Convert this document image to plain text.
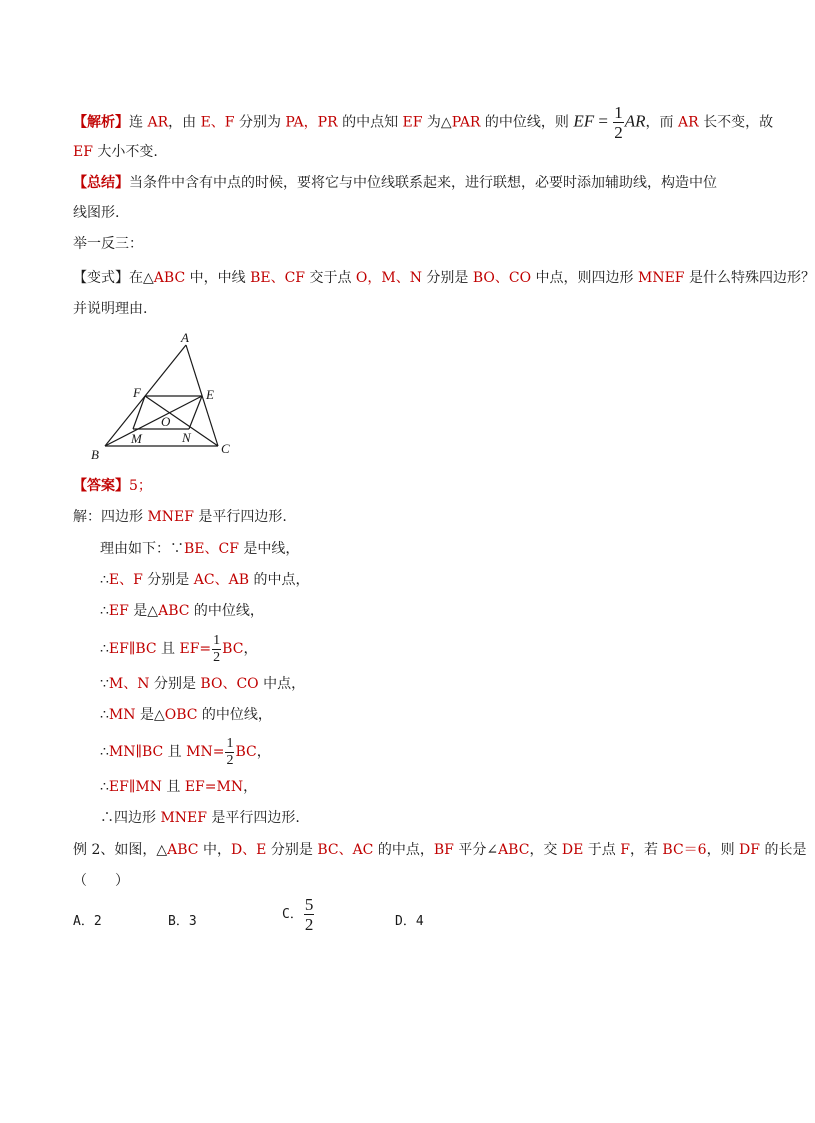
【解析】连 AR，由 E、F 分别为 PA，PR 的中点知 EF 为△PAR 的中位线，则 EF = $\frac{1}{2}$ AR，而 AR 长不变，故
EF 大小不变.
【总结】当条件中含有中点的时候，要将它与中位线联系起来，进行联想，必要时添加辅助线，构造中位
线图形.
举一反三：
【变式】在△ABC 中，中线 BE、CF 交于点 O，M、N 分别是 BO、CO 中点，则四边形 MNEF 是什么特殊四边形？
并说明理由.
A
F	E
O
M	N
B	C
【答案】5；
解：四边形 MNEF 是平行四边形.
理由如下：∵BE、CF 是中线，
∴E、F 分别是 AC、AB 的中点，
∴EF 是△ABC 的中位线，
∴EF∥BC 且 $EF= \frac{1}{2}$ BC，
∵M、N 分别是 BO、CO 中点，
∴MN 是△OBC 的中位线，
∴MN∥BC 且 $MN= \frac{1}{2}$ BC，
∴EF∥MN 且 EF=MN，
∴四边形 MNEF 是平行四边形.
例 2、如图，△ABC 中，D、E 分别是 BC、AC 的中点，BF 平分∠ABC，交 DE 于点 F，若 BC＝6，则 DF 的长是
（　　）
A．2	B．3	C． $\frac{5}{2}$	D．4
